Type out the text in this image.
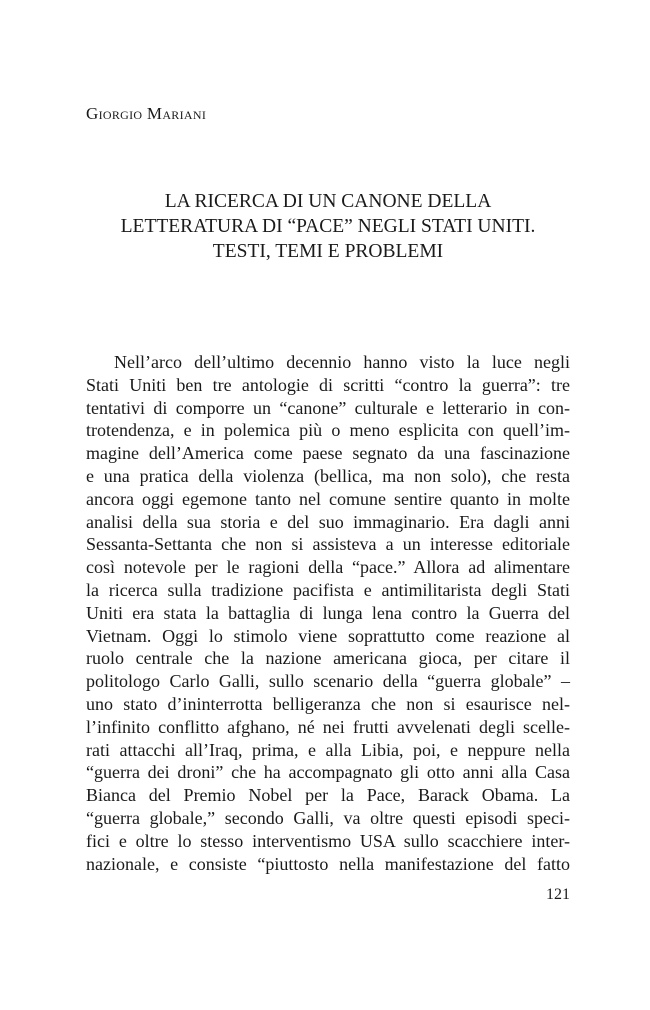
Giorgio Mariani

LA RICERCA DI UN CANONE DELLA
LETTERATURA DI “PACE” NEGLI STATI UNITI.
TESTI, TEMI E PROBLEMI
Nell’arco dell’ultimo decennio hanno visto la luce negli
Stati Uniti ben tre antologie di scritti “contro la guerra”: tre
tentativi di comporre un “canone” culturale e letterario in con-
trotendenza, e in polemica più o meno esplicita con quell’im-
magine dell’America come paese segnato da una fascinazione
e una pratica della violenza (bellica, ma non solo), che resta
ancora oggi egemone tanto nel comune sentire quanto in molte
analisi della sua storia e del suo immaginario. Era dagli anni
Sessanta-Settanta che non si assisteva a un interesse editoriale
così notevole per le ragioni della “pace.” Allora ad alimentare
la ricerca sulla tradizione pacifista e antimilitarista degli Stati
Uniti era stata la battaglia di lunga lena contro la Guerra del
Vietnam. Oggi lo stimolo viene soprattutto come reazione al
ruolo centrale che la nazione americana gioca, per citare il
politologo Carlo Galli, sullo scenario della “guerra globale” –
uno stato d’ininterrotta belligeranza che non si esaurisce nel-
l’infinito conflitto afghano, né nei frutti avvelenati degli scelle-
rati attacchi all’Iraq, prima, e alla Libia, poi, e neppure nella
“guerra dei droni” che ha accompagnato gli otto anni alla Casa
Bianca del Premio Nobel per la Pace, Barack Obama. La
“guerra globale,” secondo Galli, va oltre questi episodi speci-
fici e oltre lo stesso interventismo USA sullo scacchiere inter-
nazionale, e consiste “piuttosto nella manifestazione del fatto

121
